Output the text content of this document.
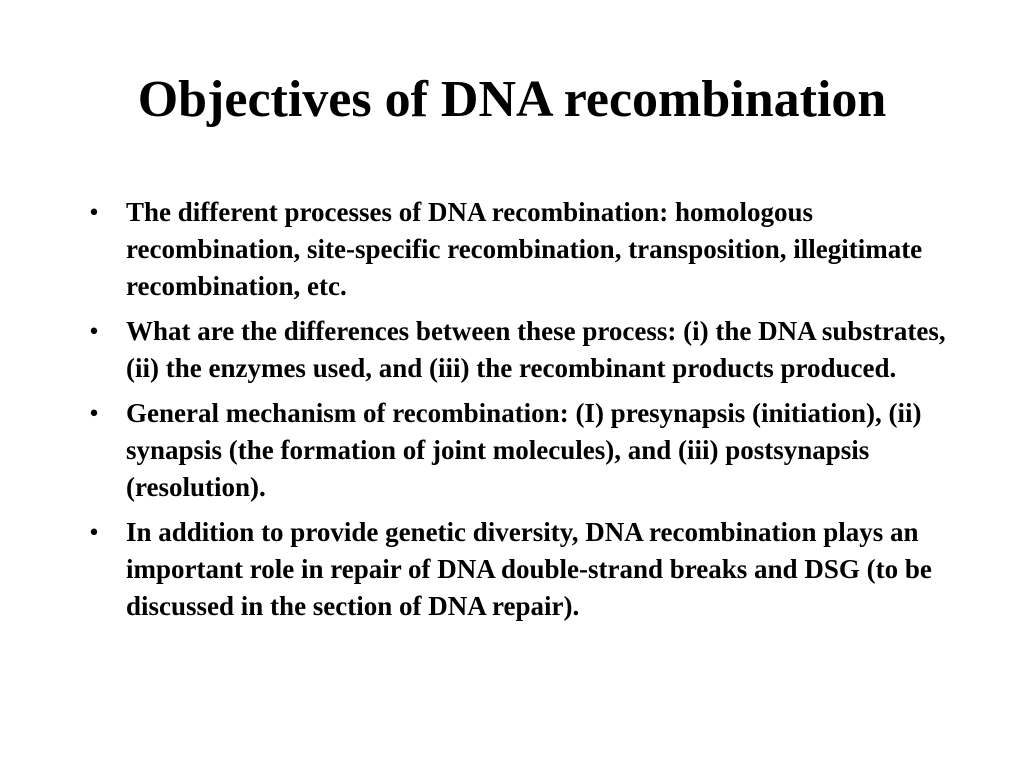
Objectives of DNA recombination
• The different processes of DNA recombination: homologous recombination, site-specific recombination, transposition, illegitimate recombination, etc.
• What are the differences between these process: (i) the DNA substrates, (ii) the enzymes used, and (iii) the recombinant products produced.
• General mechanism of recombination: (I) presynapsis (initiation), (ii) synapsis (the formation of joint molecules), and (iii) postsynapsis (resolution).
• In addition to provide genetic diversity, DNA recombination plays an important role in repair of DNA double-strand breaks and DSG (to be discussed in the section of DNA repair).
